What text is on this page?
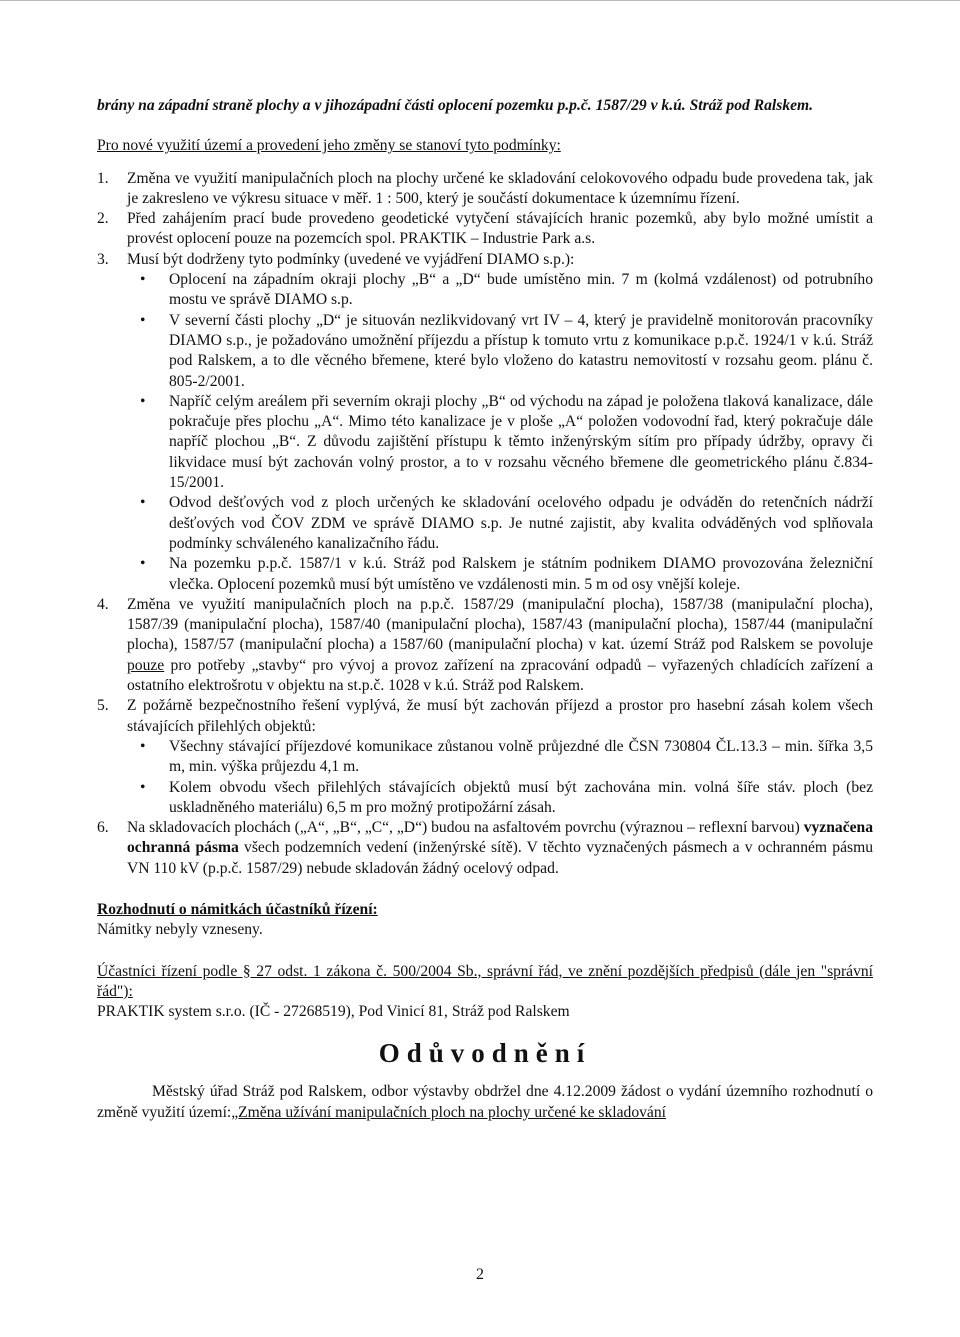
brány na západní straně plochy a v jihozápadní části oplocení pozemku p.p.č. 1587/29 v k.ú. Stráž pod Ralskem.

Pro nové využití území a provedení jeho změny se stanoví tyto podmínky:

1. Změna ve využití manipulačních ploch na plochy určené ke skladování celokovového odpadu bude provedena tak, jak je zakresleno ve výkresu situace v měř. 1 : 500, který je součástí dokumentace k územnímu řízení.
2. Před zahájením prací bude provedeno geodetické vytyčení stávajících hranic pozemků, aby bylo možné umístit a provést oplocení pouze na pozemcích spol. PRAKTIK – Industrie Park a.s.
3. Musí být dodrženy tyto podmínky (uvedené ve vyjádření DIAMO s.p.):
• Oplocení na západním okraji plochy „B“ a „D“ bude umístěno min. 7 m (kolmá vzdálenost) od potrubního mostu ve správě DIAMO s.p.
• V severní části plochy „D“ je situován nezlikvidovaný vrt IV – 4, který je pravidelně monitorován pracovníky DIAMO s.p., je požadováno umožnění příjezdu a přístup k tomuto vrtu z komunikace p.p.č. 1924/1 v k.ú. Stráž pod Ralskem, a to dle věcného břemene, které bylo vloženo do katastru nemovitostí v rozsahu geom. plánu č. 805-2/2001.
• Napříč celým areálem při severním okraji plochy „B“ od východu na západ je položena tlaková kanalizace, dále pokračuje přes plochu „A“. Mimo této kanalizace je v ploše „A“ položen vodovodní řad, který pokračuje dále napříč plochou „B“. Z důvodu zajištění přístupu k těmto inženýrským sítím pro případy údržby, opravy či likvidace musí být zachován volný prostor, a to v rozsahu věcného břemene dle geometrického plánu č.834-15/2001.
• Odvod dešťových vod z ploch určených ke skladování ocelového odpadu je odváděn do retenčních nádrží dešťových vod ČOV ZDM ve správě DIAMO s.p. Je nutné zajistit, aby kvalita odváděných vod splňovala podmínky schváleného kanalizačního řádu.
• Na pozemku p.p.č. 1587/1 v k.ú. Stráž pod Ralskem je státním podnikem DIAMO provozována železniční vlečka. Oplocení pozemků musí být umístěno ve vzdálenosti min. 5 m od osy vnější koleje.
4. Změna ve využití manipulačních ploch na p.p.č. 1587/29 (manipulační plocha), 1587/38 (manipulační plocha), 1587/39 (manipulační plocha), 1587/40 (manipulační plocha), 1587/43 (manipulační plocha), 1587/44 (manipulační plocha), 1587/57 (manipulační plocha) a 1587/60 (manipulační plocha) v kat. území Stráž pod Ralskem se povoluje pouze pro potřeby „stavby“ pro vývoj a provoz zařízení na zpracování odpadů – vyřazených chladících zařízení a ostatního elektrošrotu v objektu na st.p.č. 1028 v k.ú. Stráž pod Ralskem.
5. Z požárně bezpečnostního řešení vyplývá, že musí být zachován příjezd a prostor pro hasební zásah kolem všech stávajících přilehlých objektů:
• Všechny stávající příjezdové komunikace zůstanou volně průjezdné dle ČSN 730804 ČL.13.3 – min. šířka 3,5 m, min. výška průjezdu 4,1 m.
• Kolem obvodu všech přilehlých stávajících objektů musí být zachována min. volná šíře stáv. ploch (bez uskladněného materiálu) 6,5 m pro možný protipožární zásah.
6. Na skladovacích plochách („A“, „B“, „C“, „D“) budou na asfaltovém povrchu (výraznou – reflexní barvou) vyznačena ochranná pásma všech podzemních vedení (inženýrské sítě). V těchto vyznačených pásmech a v ochranném pásmu VN 110 kV (p.p.č. 1587/29) nebude skladován žádný ocelový odpad.

Rozhodnutí o námitkách účastníků řízení:

Námitky nebyly vzneseny.

Účastníci řízení podle § 27 odst. 1 zákona č. 500/2004 Sb., správní řád, ve znění pozdějších předpisů (dále jen "správní řád"):

PRAKTIK system s.r.o. (IČ - 27268519), Pod Vinicí 81, Stráž pod Ralskem

Odůvodnění

Městský úřad Stráž pod Ralskem, odbor výstavby obdržel dne 4.12.2009 žádost o vydání územního rozhodnutí o změně využití území:„Změna užívání manipulačních ploch na plochy určené ke skladování

2
